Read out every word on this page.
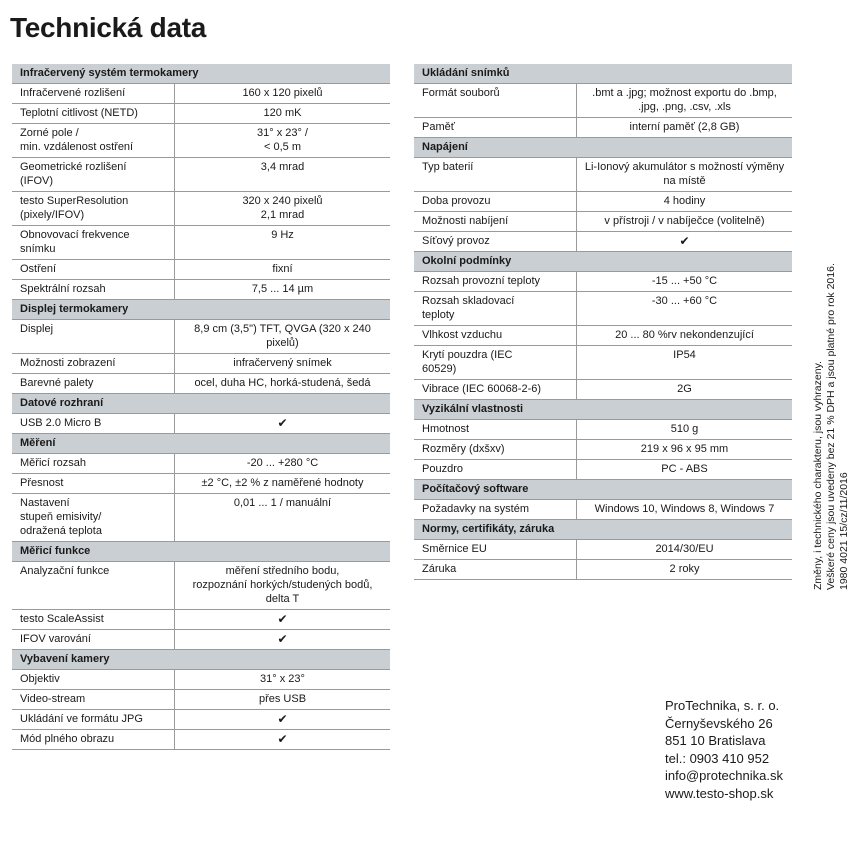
Technická data
Infračervený systém termokamery	
Infračervené rozlišení	160 x 120 pixelů
Teplotní citlivost (NETD)	120 mK
Zorné pole /
min. vzdálenost ostření	31° x 23° /
< 0,5 m
Geometrické rozlišení
(IFOV)	3,4 mrad
testo SuperResolution
(pixely/IFOV)	320 x 240 pixelů
2,1 mrad
Obnovovací frekvence
snímku	9 Hz
Ostření	fixní
Spektrální rozsah	7,5 ... 14 µm
Displej termokamery	
Displej	8,9 cm (3,5") TFT, QVGA (320 x 240 pixelů)
Možnosti zobrazení	infračervený snímek
Barevné palety	ocel, duha HC, horká-studená, šedá
Datové rozhraní	
USB 2.0 Micro B	✔
Měření	
Měřicí rozsah	-20 ... +280 °C
Přesnost	±2 °C, ±2 % z naměřené hodnoty
Nastavení
stupeň emisivity/
odražená teplota	0,01 ... 1 / manuální
Měřicí funkce	
Analyzační funkce	měření středního bodu,
rozpoznání horkých/studených bodů,
delta T
testo ScaleAssist	✔
IFOV varování	✔
Vybavení kamery	
Objektiv	31° x 23°
Video-stream	přes USB
Ukládání ve formátu JPG	✔
Mód plného obrazu	✔
Ukládání snímků	
Formát souborů	.bmt a .jpg; možnost exportu do .bmp,
.jpg, .png, .csv, .xls
Paměť	interní paměť (2,8 GB)
Napájení	
Typ baterií	Li-Ionový akumulátor s možností výměny
na místě
Doba provozu	4 hodiny
Možnosti nabíjení	v přístroji / v nabíječce (volitelně)
Síťový provoz	✔
Okolní podmínky	
Rozsah provozní teploty	-15 ... +50 °C
Rozsah skladovací
teploty	-30 ... +60 °C
Vlhkost vzduchu	20 ... 80 %rv nekondenzující
Krytí pouzdra (IEC
60529)	IP54
Vibrace (IEC 60068-2-6)	2G
Vyzikální vlastnosti	
Hmotnost	510 g
Rozměry (dxšxv)	219 x 96 x 95 mm
Pouzdro	PC - ABS
Počítačový software	
Požadavky na systém	Windows 10, Windows 8, Windows 7
Normy, certifikáty, záruka	
Směrnice EU	2014/30/EU
Záruka	2 roky	Změny, i technického charakteru, jsou vyhrazeny. Veškeré ceny jsou uvedeny bez 21 % DPH a jsou platné pro rok 2016. 1980 4021 15/cz/11/2016
ProTechnika, s. r. o.
Černyševského 26
851 10 Bratislava
tel.: 0903 410 952
info@protechnika.sk
www.testo-shop.sk
